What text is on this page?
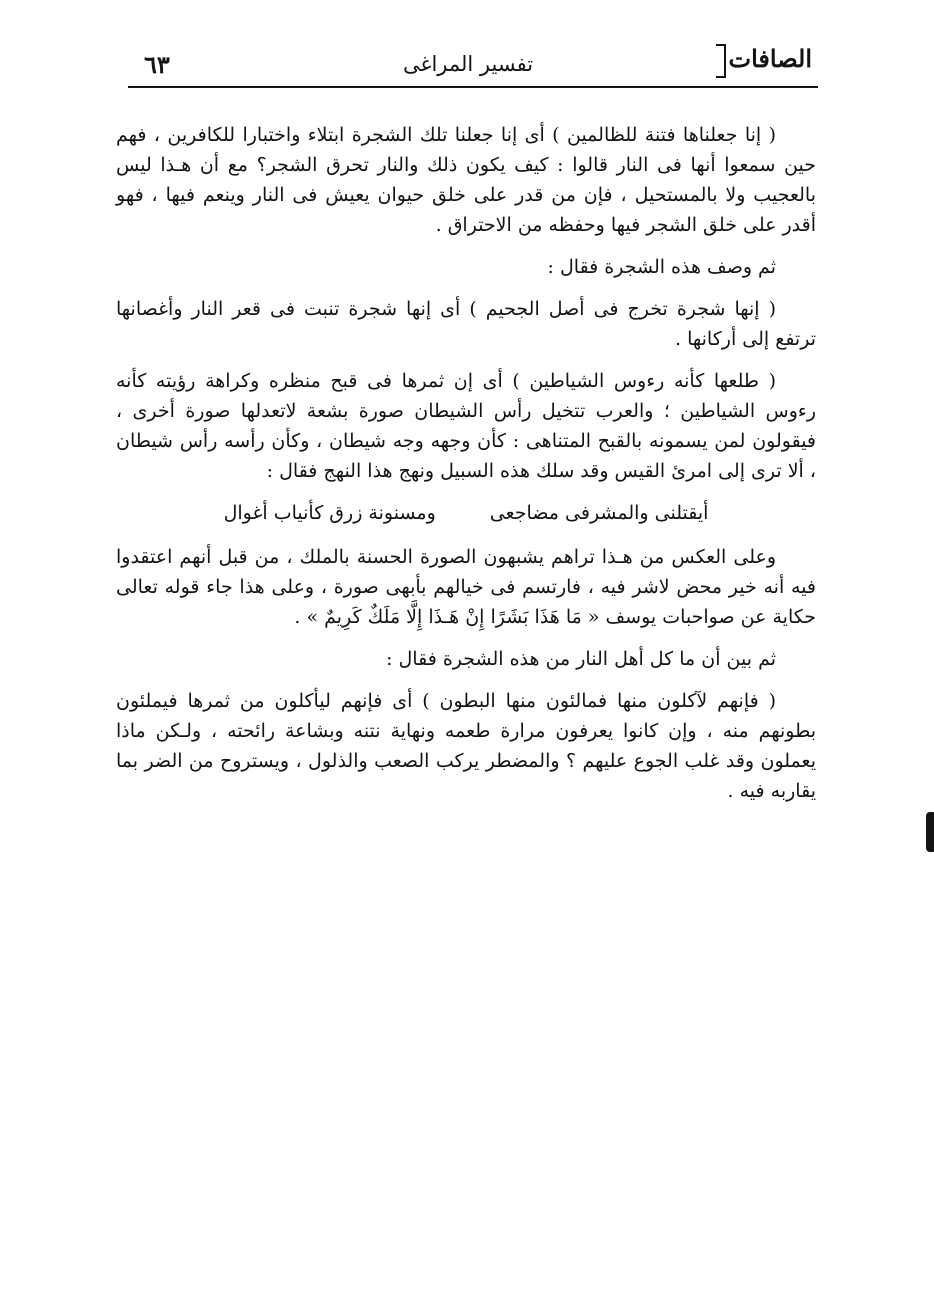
٦٣	تفسير المراغى	الصافات

( إنا جعلناها فتنة للظالمين ) أى إنا جعلنا تلك الشجرة ابتلاء واختبارا للكافرين ، فهم حين سمعوا أنها فى النار قالوا : كيف يكون ذلك والنار تحرق الشجر؟ مع أن هـذا ليس بالعجيب ولا بالمستحيل ، فإن من قدر على خلق حيوان يعيش فى النار وينعم فيها ، فهو أقدر على خلق الشجر فيها وحفظه من الاحتراق .

ثم وصف هذه الشجرة فقال :

( إنها شجرة تخرج فى أصل الجحيم ) أى إنها شجرة تنبت فى قعر النار وأغصانها ترتفع إلى أركانها .

( طلعها كأنه رءوس الشياطين ) أى إن ثمرها فى قبح منظره وكراهة رؤيته كأنه رءوس الشياطين ؛ والعرب تتخيل رأس الشيطان صورة بشعة لاتعدلها صورة أخرى ، فيقولون لمن يسمونه بالقبح المتناهى : كأن وجهه وجه شيطان ، وكأن رأسه رأس شيطان ، ألا ترى إلى امرئ القيس وقد سلك هذه السبيل ونهج هذا النهج فقال :

أيقتلنى والمشرفى مضاجعى ومسنونة زرق كأنياب أغوال

وعلى العكس من هـذا تراهم يشبهون الصورة الحسنة بالملك ، من قبل أنهم اعتقدوا فيه أنه خير محض لاشر فيه ، فارتسم فى خيالهم بأبهى صورة ، وعلى هذا جاء قوله تعالى حكاية عن صواحبات يوسف « مَا هَذَا بَشَرًا إِنْ هَـذَا إِلَّا مَلَكٌ كَرِيمٌ » .

ثم بين أن ما كل أهل النار من هذه الشجرة فقال :

( فإنهم لآكلون منها فمالئون منها البطون ) أى فإنهم ليأكلون من ثمرها فيملئون بطونهم منه ، وإن كانوا يعرفون مرارة طعمه ونهاية نتنه وبشاعة رائحته ، ولـكن ماذا يعملون وقد غلب الجوع عليهم ؟ والمضطر يركب الصعب والذلول ، ويستروح من الضر بما يقاربه فيه .
